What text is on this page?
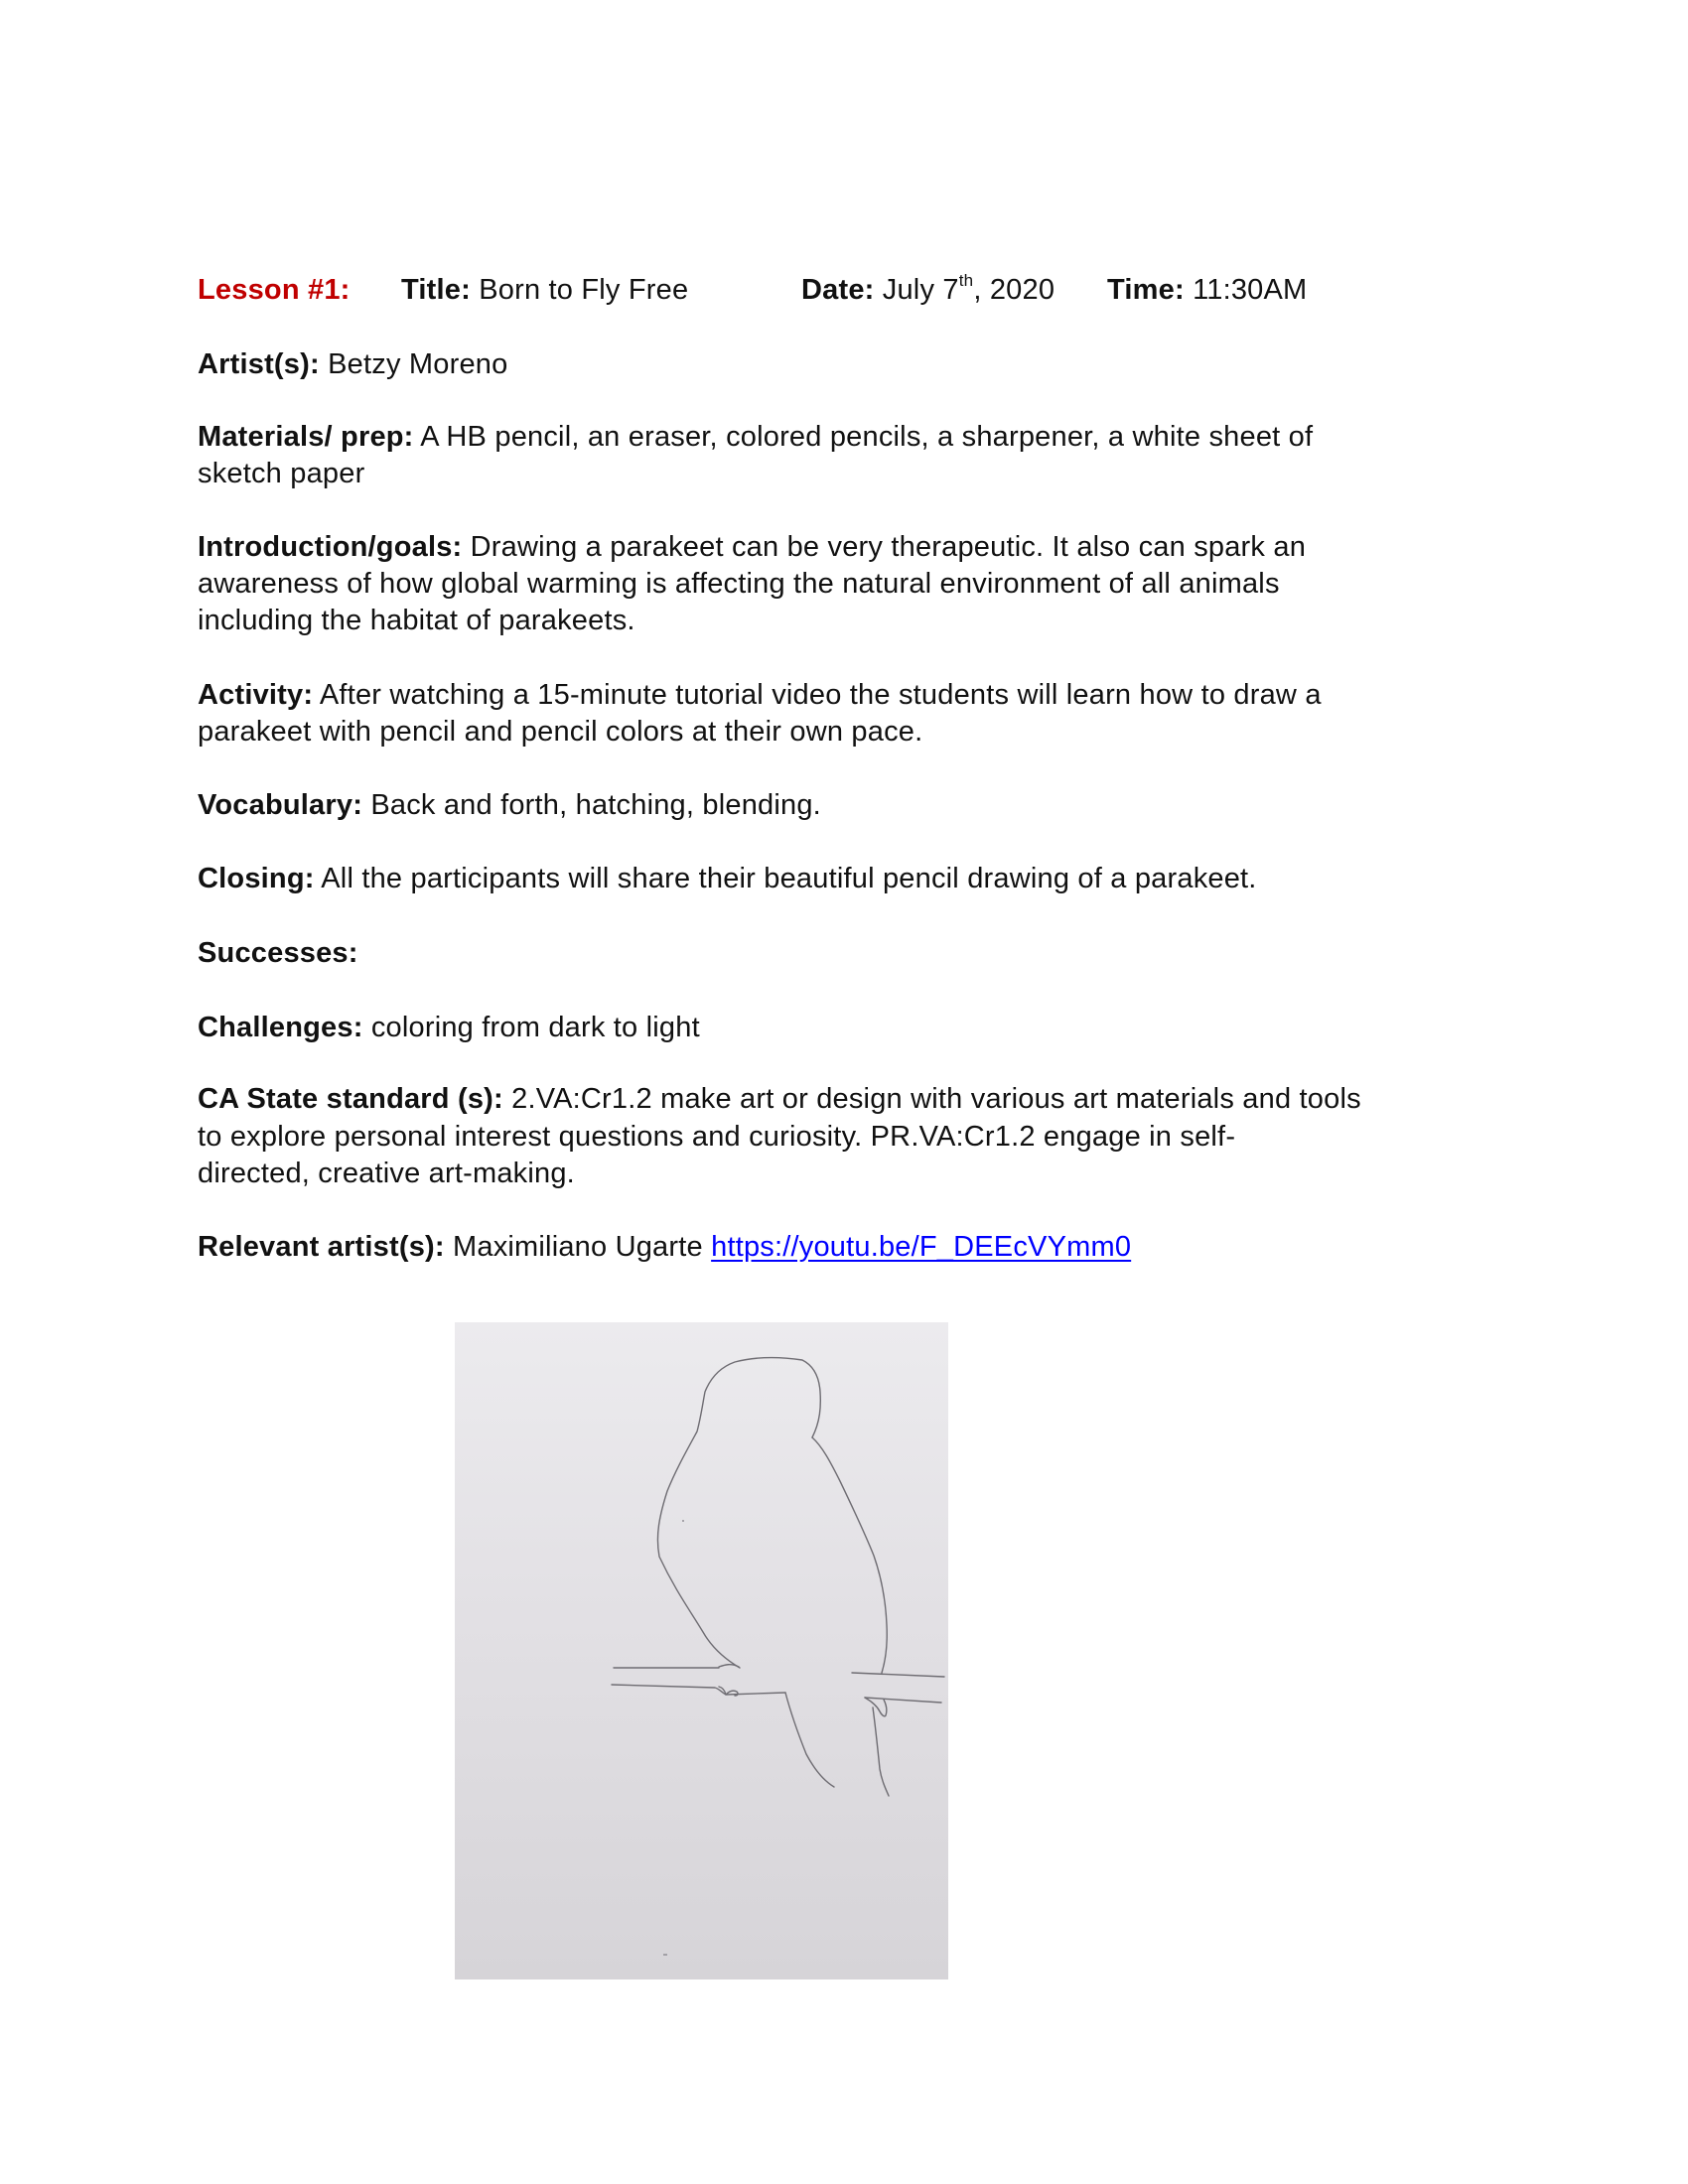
Lesson #1: Title: Born to Fly Free	Date: July 7th, 2020 Time: 11:30AM
Artist(s): Betzy Moreno
Materials/ prep: A HB pencil, an eraser, colored pencils, a sharpener, a white sheet of
sketch paper
Introduction/goals: Drawing a parakeet can be very therapeutic. It also can spark an
awareness of how global warming is affecting the natural environment of all animals
including the habitat of parakeets.
Activity: After watching a 15-minute tutorial video the students will learn how to draw a
parakeet with pencil and pencil colors at their own pace.
Vocabulary: Back and forth, hatching, blending.
Closing: All the participants will share their beautiful pencil drawing of a parakeet.
Successes:
Challenges: coloring from dark to light
CA State standard (s): 2.VA:Cr1.2 make art or design with various art materials and tools
to explore personal interest questions and curiosity. PR.VA:Cr1.2 engage in self-
directed, creative art-making.
Relevant artist(s): Maximiliano Ugarte https://youtu.be/F_DEEcVYmm0
